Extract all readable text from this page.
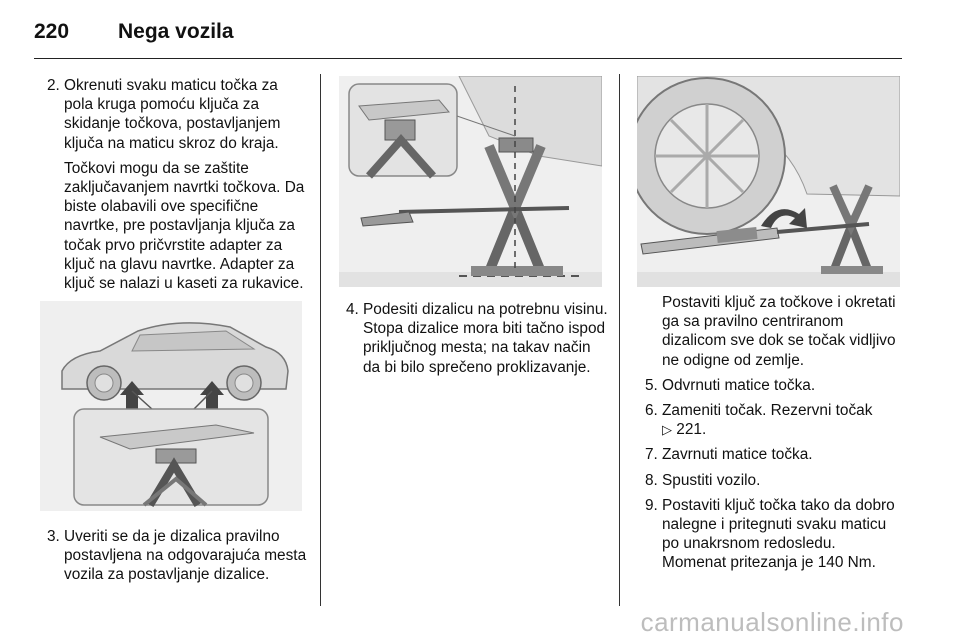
220 Nega vozila
2. Okrenuti svaku maticu točka za pola kruga pomoću ključa za skidanje točkova, postavljanjem ključa na maticu skroz do kraja.

Točkovi mogu da se zaštite zaključavanjem navrtki točkova. Da biste olabavili ove specifične navrtke, pre postavljanja ključa za točak prvo pričvrstite adapter za ključ na glavu navrtke. Adapter za ključ se nalazi u kaseti za rukavice.

3. Uveriti se da je dizalica pravilno postavljena na odgovarajuća mesta vozila za postavljanje dizalice.
4. Podesiti dizalicu na potrebnu visinu. Stopa dizalice mora biti tačno ispod priključnog mesta; na takav način da bi bilo sprečeno proklizavanje.

Postaviti ključ za točkove i okretati ga sa pravilno centriranom dizalicom sve dok se točak vidljivo ne odigne od zemlje.

5. Odvrnuti matice točka.
6. Zameniti točak. Rezervni točak
▷ 221.
7. Zavrnuti matice točka.
8. Spustiti vozilo.
9. Postaviti ključ točka tako da dobro nalegne i pritegnuti svaku maticu po unakrsnom redosledu.
Momenat pritezanja je 140 Nm.
carmanualsonline.info
